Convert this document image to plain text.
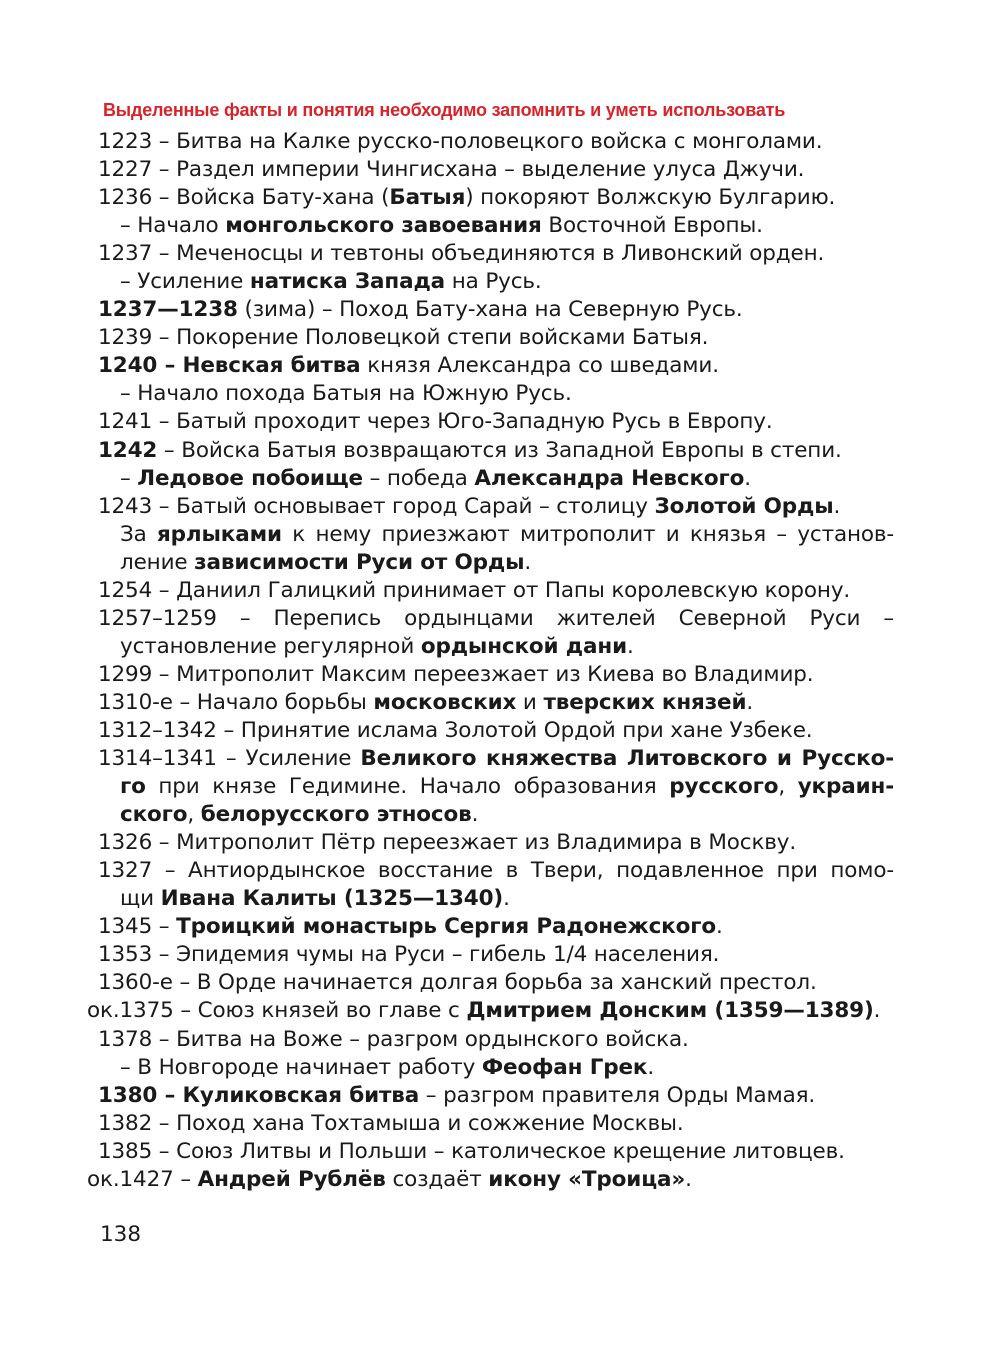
Выделенные факты и понятия необходимо запомнить и уметь использовать
1223 – Битва на Калке русско-половецкого войска с монголами.
1227 – Раздел империи Чингисхана – выделение улуса Джучи.
1236 – Войска Бату-хана (Батыя) покоряют Волжскую Булгарию.
– Начало монгольского завоевания Восточной Европы.
1237 – Меченосцы и тевтоны объединяются в Ливонский орден.
– Усиление натиска Запада на Русь.
1237—1238 (зима) – Поход Бату-хана на Северную Русь.
1239 – Покорение Половецкой степи войсками Батыя.
1240 – Невская битва князя Александра со шведами.
– Начало похода Батыя на Южную Русь.
1241 – Батый проходит через Юго-Западную Русь в Европу.
1242 – Войска Батыя возвращаются из Западной Европы в степи.
– Ледовое побоище – победа Александра Невского.
1243 – Батый основывает город Сарай – столицу Золотой Орды.
За ярлыками к нему приезжают митрополит и князья – установ-
ление зависимости Руси от Орды.
1254 – Даниил Галицкий принимает от Папы королевскую корону.
1257–1259 – Перепись ордынцами жителей Северной Руси –
установление регулярной ордынской дани.
1299 – Митрополит Максим переезжает из Киева во Владимир.
1310-е – Начало борьбы московских и тверских князей.
1312–1342 – Принятие ислама Золотой Ордой при хане Узбеке.
1314–1341 – Усиление Великого княжества Литовского и Русско-
го при князе Гедимине. Начало образования русского, украин-
ского, белорусского этносов.
1326 – Митрополит Пётр переезжает из Владимира в Москву.
1327 – Антиордынское восстание в Твери, подавленное при помо-
щи Ивана Калиты (1325—1340).
1345 – Троицкий монастырь Сергия Радонежского.
1353 – Эпидемия чумы на Руси – гибель 1/4 населения.
1360-е – В Орде начинается долгая борьба за ханский престол.
ок.1375 – Союз князей во главе с Дмитрием Донским (1359—1389).
1378 – Битва на Воже – разгром ордынского войска.
– В Новгороде начинает работу Феофан Грек.
1380 – Куликовская битва – разгром правителя Орды Мамая.
1382 – Поход хана Тохтамыша и сожжение Москвы.
1385 – Союз Литвы и Польши – католическое крещение литовцев.
ок.1427 – Андрей Рублёв создаёт икону «Троица».
138
